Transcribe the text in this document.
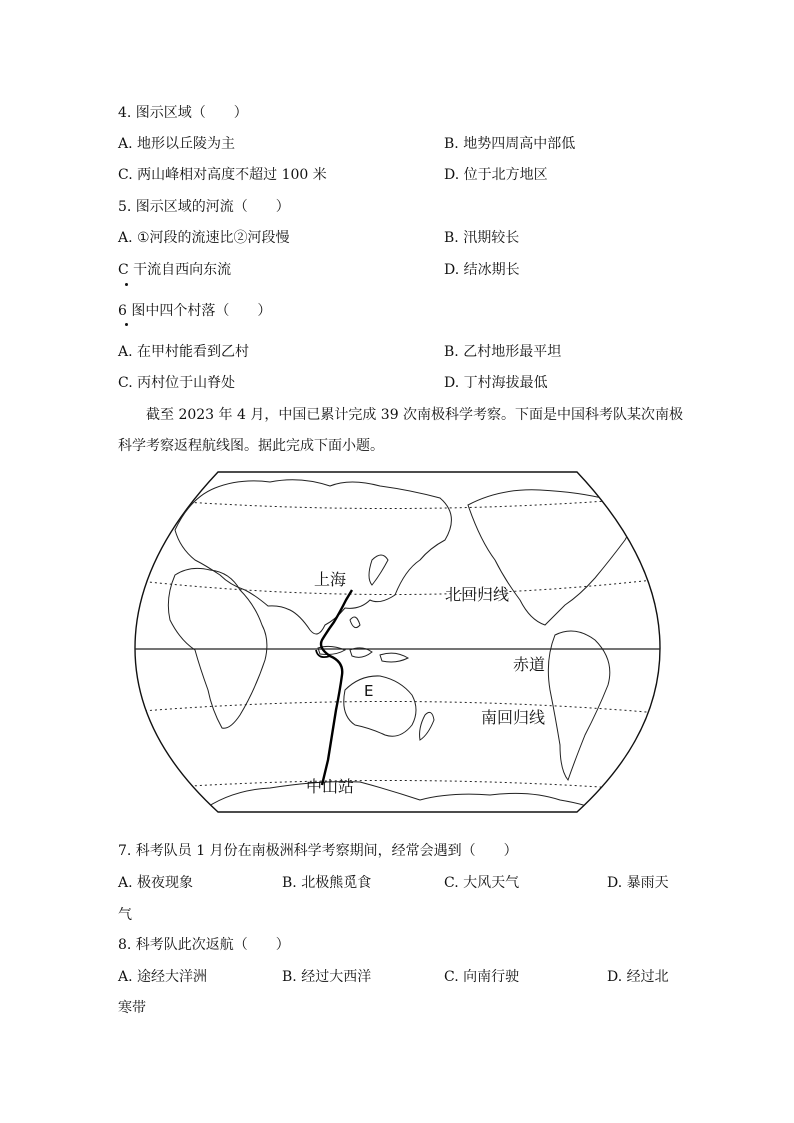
4. 图示区域（　　）
A. 地形以丘陵为主	B. 地势四周高中部低
C. 两山峰相对高度不超过 100 米	D. 位于北方地区
5. 图示区域的河流（　　）
A. ①河段的流速比②河段慢	B. 汛期较长
C 干流自西向东流	D. 结冰期长
6 图中四个村落（　　）
A. 在甲村能看到乙村	B. 乙村地形最平坦
C. 丙村位于山脊处	D. 丁村海拔最低
截至 2023 年 4 月，中国已累计完成 39 次南极科学考察。下面是中国科考队某次南极
科学考察返程航线图。据此完成下面小题。
上海
北回归线
赤道
E
南回归线
中山站
7. 科考队员 1 月份在南极洲科学考察期间，经常会遇到（　　）
A. 极夜现象	B. 北极熊觅食	C. 大风天气	D. 暴雨天
气
8. 科考队此次返航（　　）
A. 途经大洋洲	B. 经过大西洋	C. 向南行驶	D. 经过北
寒带
